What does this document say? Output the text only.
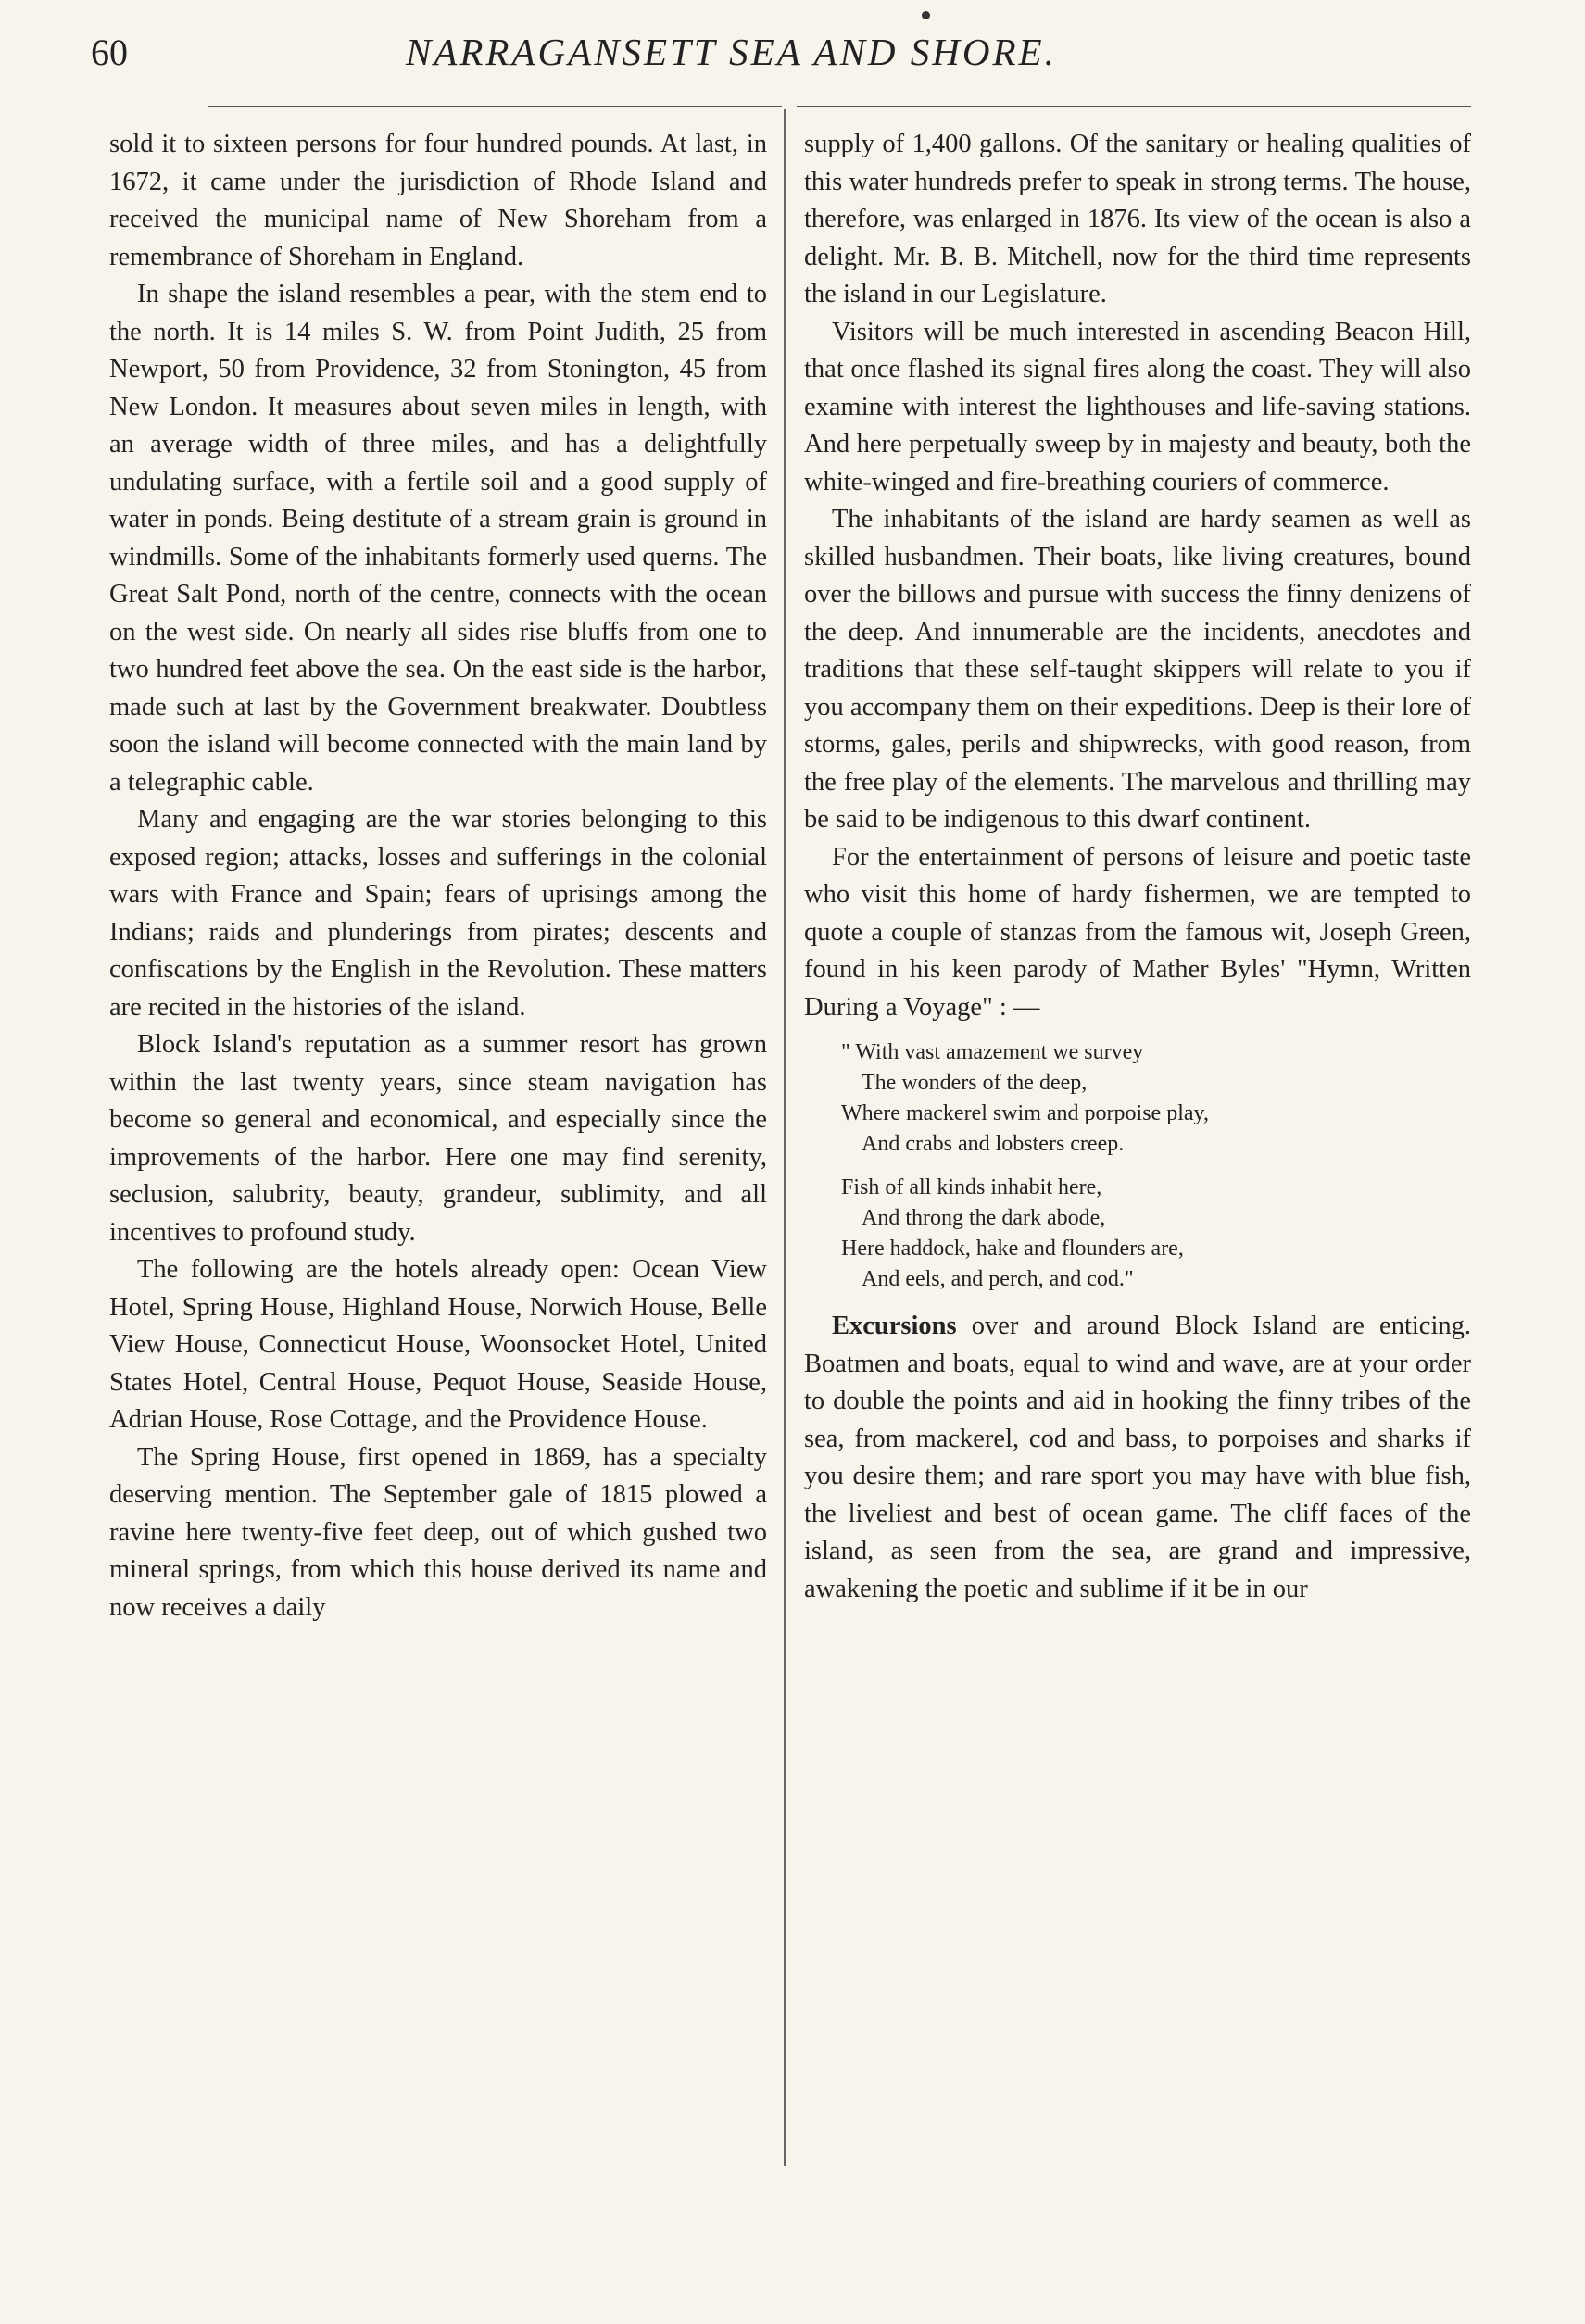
60	NARRAGANSETT SEA AND SHORE.

sold it to sixteen persons for four hundred pounds. At last, in 1672, it came under the jurisdiction of Rhode Island and received the municipal name of New Shoreham from a remembrance of Shoreham in England.

In shape the island resembles a pear, with the stem end to the north. It is 14 miles S. W. from Point Judith, 25 from Newport, 50 from Providence, 32 from Stonington, 45 from New London. It measures about seven miles in length, with an average width of three miles, and has a delightfully undulating surface, with a fertile soil and a good supply of water in ponds. Being destitute of a stream grain is ground in windmills. Some of the inhabitants formerly used querns. The Great Salt Pond, north of the centre, connects with the ocean on the west side. On nearly all sides rise bluffs from one to two hundred feet above the sea. On the east side is the harbor, made such at last by the Government breakwater. Doubtless soon the island will become connected with the main land by a telegraphic cable.

Many and engaging are the war stories belonging to this exposed region; attacks, losses and sufferings in the colonial wars with France and Spain; fears of uprisings among the Indians; raids and plunderings from pirates; descents and confiscations by the English in the Revolution. These matters are recited in the histories of the island.

Block Island's reputation as a summer resort has grown within the last twenty years, since steam navigation has become so general and economical, and especially since the improvements of the harbor. Here one may find serenity, seclusion, salubrity, beauty, grandeur, sublimity, and all incentives to profound study.

The following are the hotels already open: Ocean View Hotel, Spring House, Highland House, Norwich House, Belle View House, Connecticut House, Woonsocket Hotel, United States Hotel, Central House, Pequot House, Seaside House, Adrian House, Rose Cottage, and the Providence House.

The Spring House, first opened in 1869, has a specialty deserving mention. The September gale of 1815 plowed a ravine here twenty-five feet deep, out of which gushed two mineral springs, from which this house derived its name and now receives a daily

supply of 1,400 gallons. Of the sanitary or healing qualities of this water hundreds prefer to speak in strong terms. The house, therefore, was enlarged in 1876. Its view of the ocean is also a delight. Mr. B. B. Mitchell, now for the third time represents the island in our Legislature.

Visitors will be much interested in ascending Beacon Hill, that once flashed its signal fires along the coast. They will also examine with interest the lighthouses and life-saving stations. And here perpetually sweep by in majesty and beauty, both the white-winged and fire-breathing couriers of commerce.

The inhabitants of the island are hardy seamen as well as skilled husbandmen. Their boats, like living creatures, bound over the billows and pursue with success the finny denizens of the deep. And innumerable are the incidents, anecdotes and traditions that these self-taught skippers will relate to you if you accompany them on their expeditions. Deep is their lore of storms, gales, perils and shipwrecks, with good reason, from the free play of the elements. The marvelous and thrilling may be said to be indigenous to this dwarf continent.

For the entertainment of persons of leisure and poetic taste who visit this home of hardy fishermen, we are tempted to quote a couple of stanzas from the famous wit, Joseph Green, found in his keen parody of Mather Byles' "Hymn, Written During a Voyage" : —

" With vast amazement we survey
The wonders of the deep,
Where mackerel swim and porpoise play,
And crabs and lobsters creep.
Fish of all kinds inhabit here,
And throng the dark abode,
Here haddock, hake and flounders are,
And eels, and perch, and cod."

Excursions over and around Block Island are enticing. Boatmen and boats, equal to wind and wave, are at your order to double the points and aid in hooking the finny tribes of the sea, from mackerel, cod and bass, to porpoises and sharks if you desire them; and rare sport you may have with blue fish, the liveliest and best of ocean game. The cliff faces of the island, as seen from the sea, are grand and impressive, awakening the poetic and sublime if it be in our
